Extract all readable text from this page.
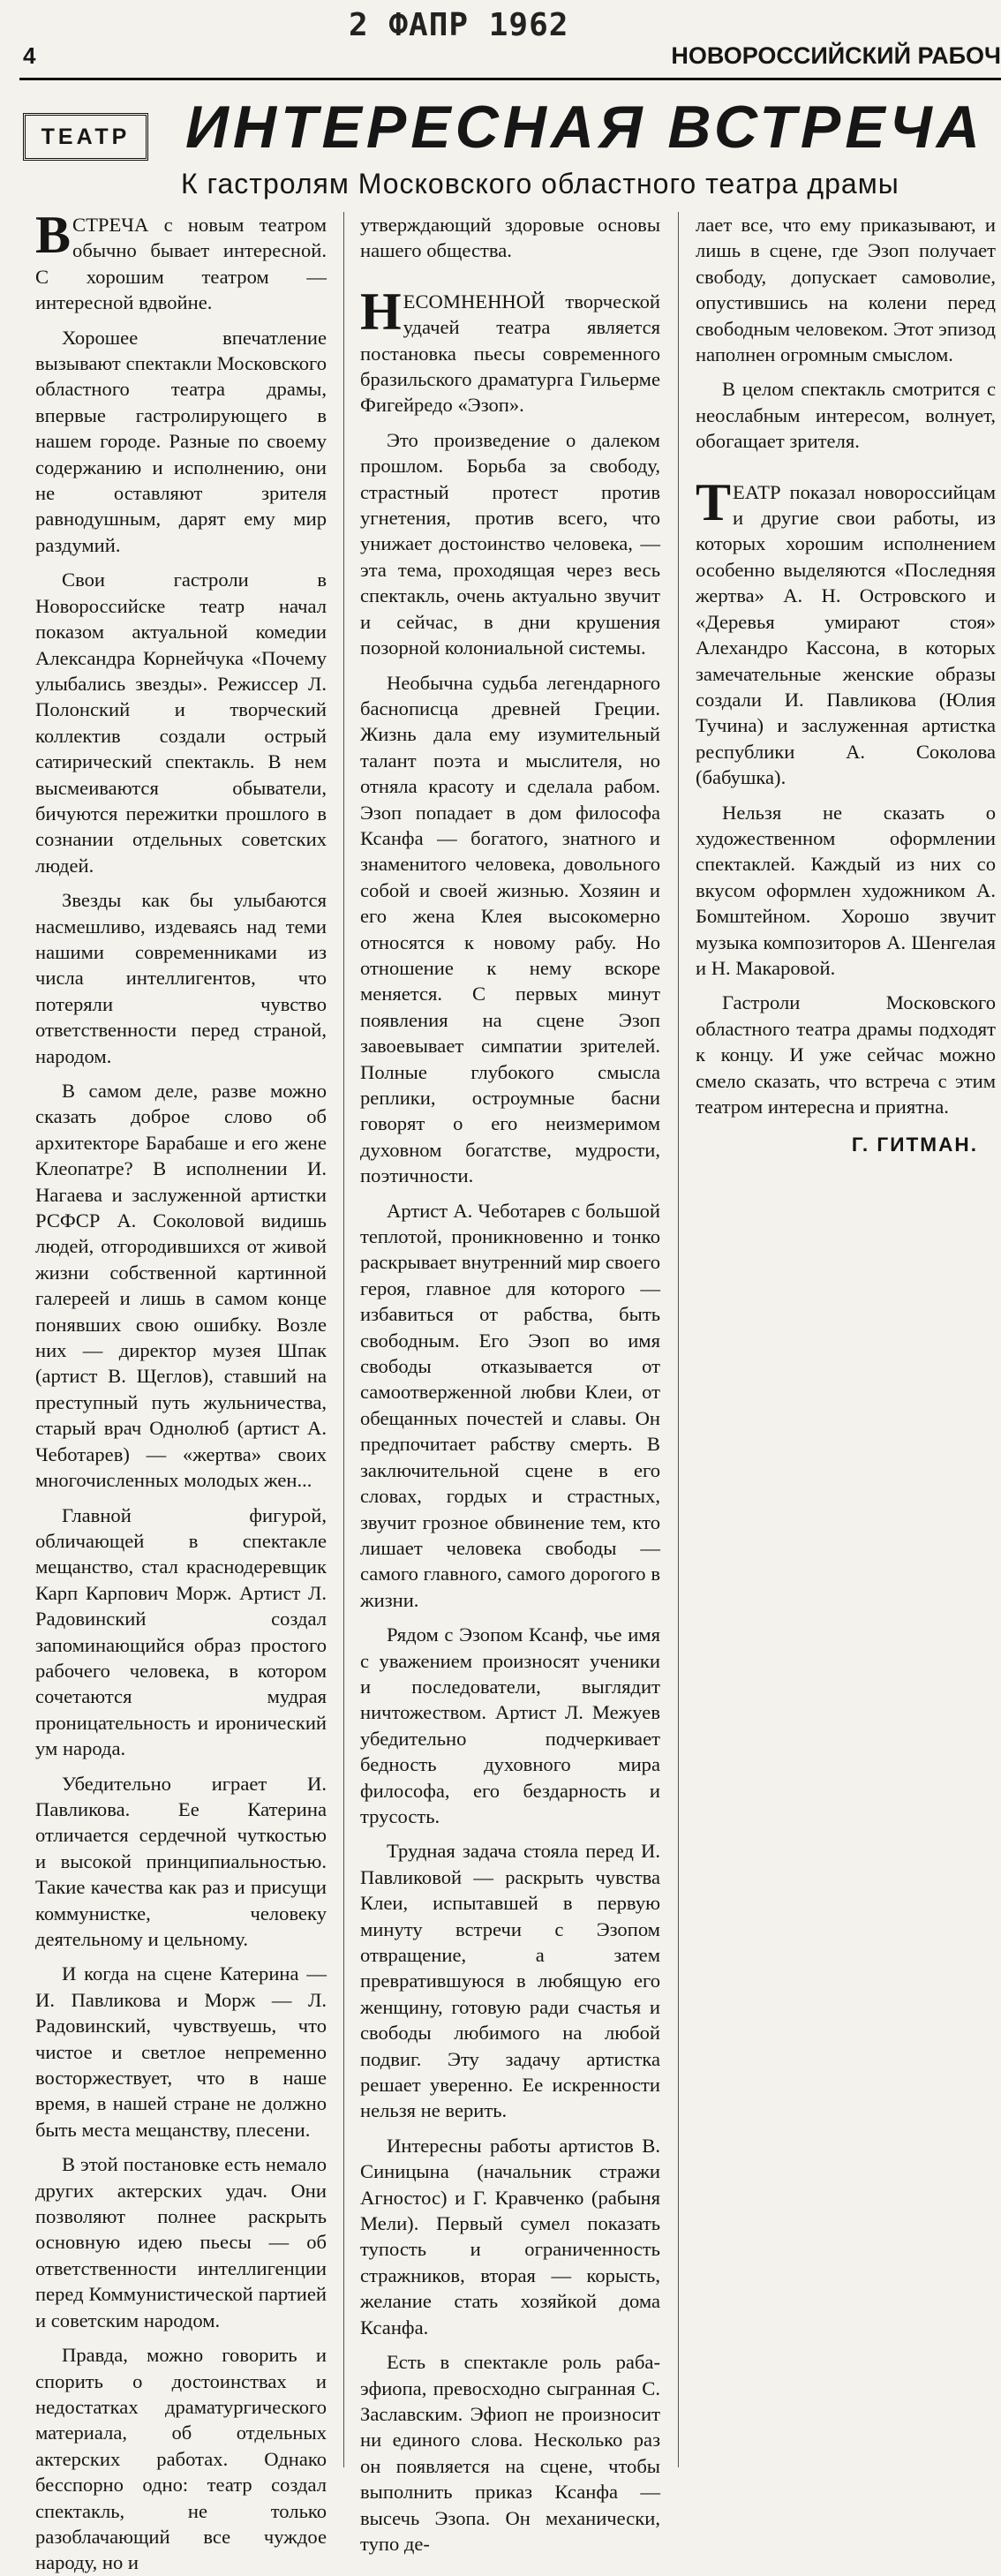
2 ФАПР 1962
4	НОВОРОССИЙСКИЙ РАБОЧ
ТЕАТР ИНТЕРЕСНАЯ ВСТРЕЧА
К гастролям Московского областного театра драмы

ВСТРЕЧА с новым театром обычно бывает интересной. С хорошим театром — интересной вдвойне.

Хорошее впечатление вызывают спектакли Московского областного театра драмы, впервые гастролирующего в нашем городе. Разные по своему содержанию и исполнению, они не оставляют зрителя равнодушным, дарят ему мир раздумий.

Свои гастроли в Новороссийске театр начал показом актуальной комедии Александра Корнейчука «Почему улыбались звезды». Режиссер Л. Полонский и творческий коллектив создали острый сатирический спектакль. В нем высмеиваются обыватели, бичуются пережитки прошлого в сознании отдельных советских людей.

Звезды как бы улыбаются насмешливо, издеваясь над теми нашими современниками из числа интеллигентов, что потеряли чувство ответственности перед страной, народом.

В самом деле, разве можно сказать доброе слово об архитекторе Барабаше и его жене Клеопатре? В исполнении И. Нагаева и заслуженной артистки РСФСР А. Соколовой видишь людей, отгородившихся от живой жизни собственной картинной галереей и лишь в самом конце понявших свою ошибку. Возле них — директор музея Шпак (артист В. Щеглов), ставший на преступный путь жульничества, старый врач Однолюб (артист А. Чеботарев) — «жертва» своих многочисленных молодых жен...

Главной фигурой, обличающей в спектакле мещанство, стал краснодеревщик Карп Карпович Морж. Артист Л. Радовинский создал запоминающийся образ простого рабочего человека, в котором сочетаются мудрая проницательность и иронический ум народа.

Убедительно играет И. Павликова. Ее Катерина отличается сердечной чуткостью и высокой принципиальностью. Такие качества как раз и присущи коммунистке, человеку деятельному и цельному.

И когда на сцене Катерина — И. Павликова и Морж — Л. Радовинский, чувствуешь, что чистое и светлое непременно восторжествует, что в наше время, в нашей стране не должно быть места мещанству, плесени.

В этой постановке есть немало других актерских удач. Они позволяют полнее раскрыть основную идею пьесы — об ответственности интеллигенции перед Коммунистической партией и советским народом.

Правда, можно говорить и спорить о достоинствах и недостатках драматургического материала, об отдельных актерских работах. Однако бесспорно одно: театр создал спектакль, не только разоблачающий все чуждое народу, но и

утверждающий здоровые основы нашего общества.

НЕСОМНЕННОЙ творческой удачей театра является постановка пьесы современного бразильского драматурга Гильерме Фигейредо «Эзоп».

Это произведение о далеком прошлом. Борьба за свободу, страстный протест против угнетения, против всего, что унижает достоинство человека, — эта тема, проходящая через весь спектакль, очень актуально звучит и сейчас, в дни крушения позорной колониальной системы.

Необычна судьба легендарного баснописца древней Греции. Жизнь дала ему изумительный талант поэта и мыслителя, но отняла красоту и сделала рабом. Эзоп попадает в дом философа Ксанфа — богатого, знатного и знаменитого человека, довольного собой и своей жизнью. Хозяин и его жена Клея высокомерно относятся к новому рабу. Но отношение к нему вскоре меняется. С первых минут появления на сцене Эзоп завоевывает симпатии зрителей. Полные глубокого смысла реплики, остроумные басни говорят о его неизмеримом духовном богатстве, мудрости, поэтичности.

Артист А. Чеботарев с большой теплотой, проникновенно и тонко раскрывает внутренний мир своего героя, главное для которого — избавиться от рабства, быть свободным. Его Эзоп во имя свободы отказывается от самоотверженной любви Клеи, от обещанных почестей и славы. Он предпочитает рабству смерть. В заключительной сцене в его словах, гордых и страстных, звучит грозное обвинение тем, кто лишает человека свободы — самого главного, самого дорогого в жизни.

Рядом с Эзопом Ксанф, чье имя с уважением произносят ученики и последователи, выглядит ничтожеством. Артист Л. Межуев убедительно подчеркивает бедность духовного мира философа, его бездарность и трусость.

Трудная задача стояла перед И. Павликовой — раскрыть чувства Клеи, испытавшей в первую минуту встречи с Эзопом отвращение, а затем превратившуюся в любящую его женщину, готовую ради счастья и свободы любимого на любой подвиг. Эту задачу артистка решает уверенно. Ее искренности нельзя не верить.

Интересны работы артистов В. Синицына (начальник стражи Агностос) и Г. Кравченко (рабыня Мели). Первый сумел показать тупость и ограниченность стражников, вторая — корысть, желание стать хозяйкой дома Ксанфа.

Есть в спектакле роль раба-эфиопа, превосходно сыгранная С. Заславским. Эфиоп не произносит ни единого слова. Несколько раз он появляется на сцене, чтобы выполнить приказ Ксанфа — высечь Эзопа. Он механически, тупо де-

лает все, что ему приказывают, и лишь в сцене, где Эзоп получает свободу, допускает самоволие, опустившись на колени перед свободным человеком. Этот эпизод наполнен огромным смыслом.

В целом спектакль смотрится с неослабным интересом, волнует, обогащает зрителя.

ТЕАТР показал новороссийцам и другие свои работы, из которых хорошим исполнением особенно выделяются «Последняя жертва» А. Н. Островского и «Деревья умирают стоя» Алехандро Кассона, в которых замечательные женские образы создали И. Павликова (Юлия Тучина) и заслуженная артистка республики А. Соколова (бабушка).

Нельзя не сказать о художественном оформлении спектаклей. Каждый из них со вкусом оформлен художником А. Бомштейном. Хорошо звучит музыка композиторов А. Шенгелая и Н. Макаровой.

Гастроли Московского областного театра драмы подходят к концу. И уже сейчас можно смело сказать, что встреча с этим театром интересна и приятна.

Г. ГИТМАН.
